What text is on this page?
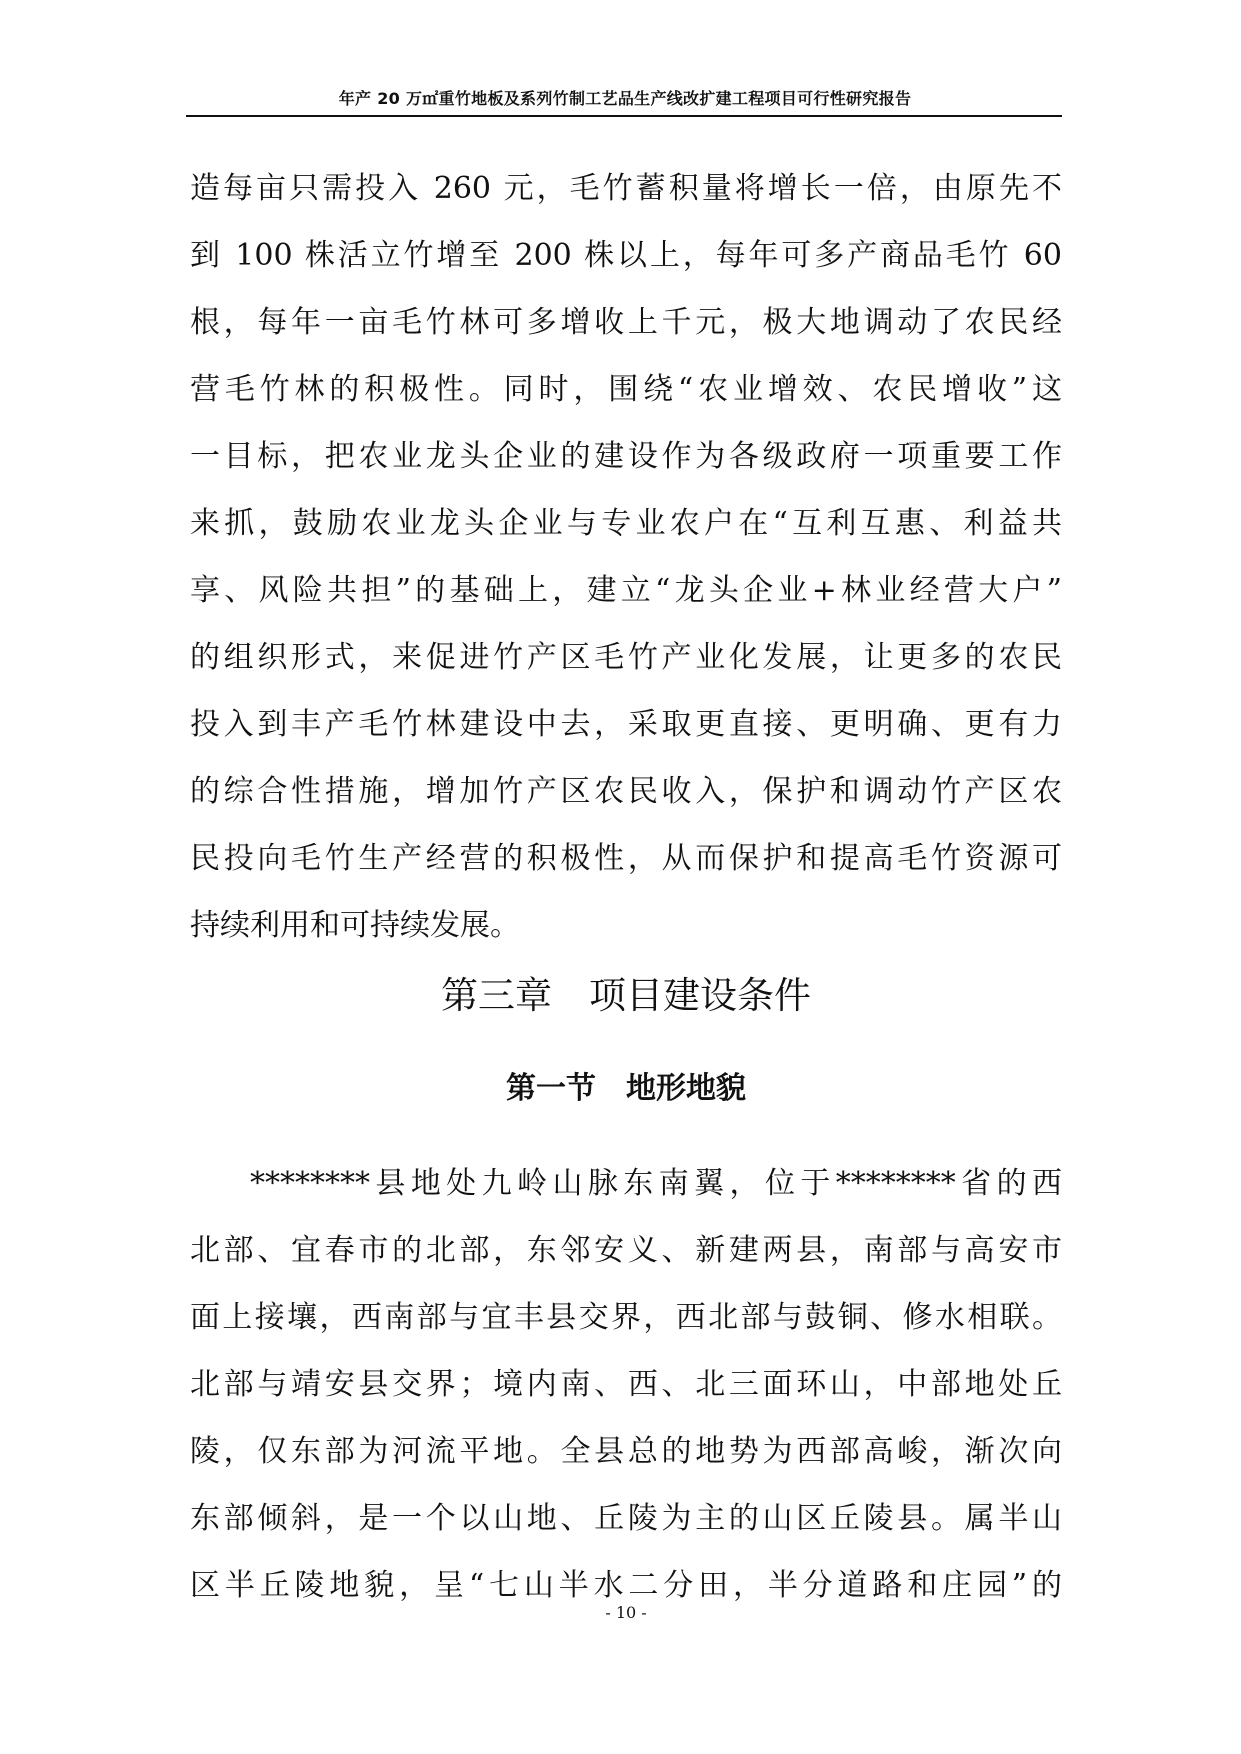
年产 20 万㎡重竹地板及系列竹制工艺品生产线改扩建工程项目可行性研究报告
造每亩只需投入 260 元，毛竹蓄积量将增长一倍，由原先不
到 100 株活立竹增至 200 株以上，每年可多产商品毛竹 60
根，每年一亩毛竹林可多增收上千元，极大地调动了农民经
营毛竹林的积极性。同时，围绕“农业增效、农民增收”这
一目标，把农业龙头企业的建设作为各级政府一项重要工作
来抓，鼓励农业龙头企业与专业农户在“互利互惠、利益共
享、风险共担”的基础上，建立“龙头企业+林业经营大户”
的组织形式，来促进竹产区毛竹产业化发展，让更多的农民
投入到丰产毛竹林建设中去，采取更直接、更明确、更有力
的综合性措施，增加竹产区农民收入，保护和调动竹产区农
民投向毛竹生产经营的积极性，从而保护和提高毛竹资源可
持续利用和可持续发展。
第三章　项目建设条件
第一节　地形地貌
********县地处九岭山脉东南翼，位于********省的西
北部、宜春市的北部，东邻安义、新建两县，南部与高安市
面上接壤，西南部与宜丰县交界，西北部与鼓铜、修水相联。
北部与靖安县交界；境内南、西、北三面环山，中部地处丘
陵，仅东部为河流平地。全县总的地势为西部高峻，渐次向
东部倾斜，是一个以山地、丘陵为主的山区丘陵县。属半山
区半丘陵地貌，呈“七山半水二分田，半分道路和庄园”的
- 10 -
